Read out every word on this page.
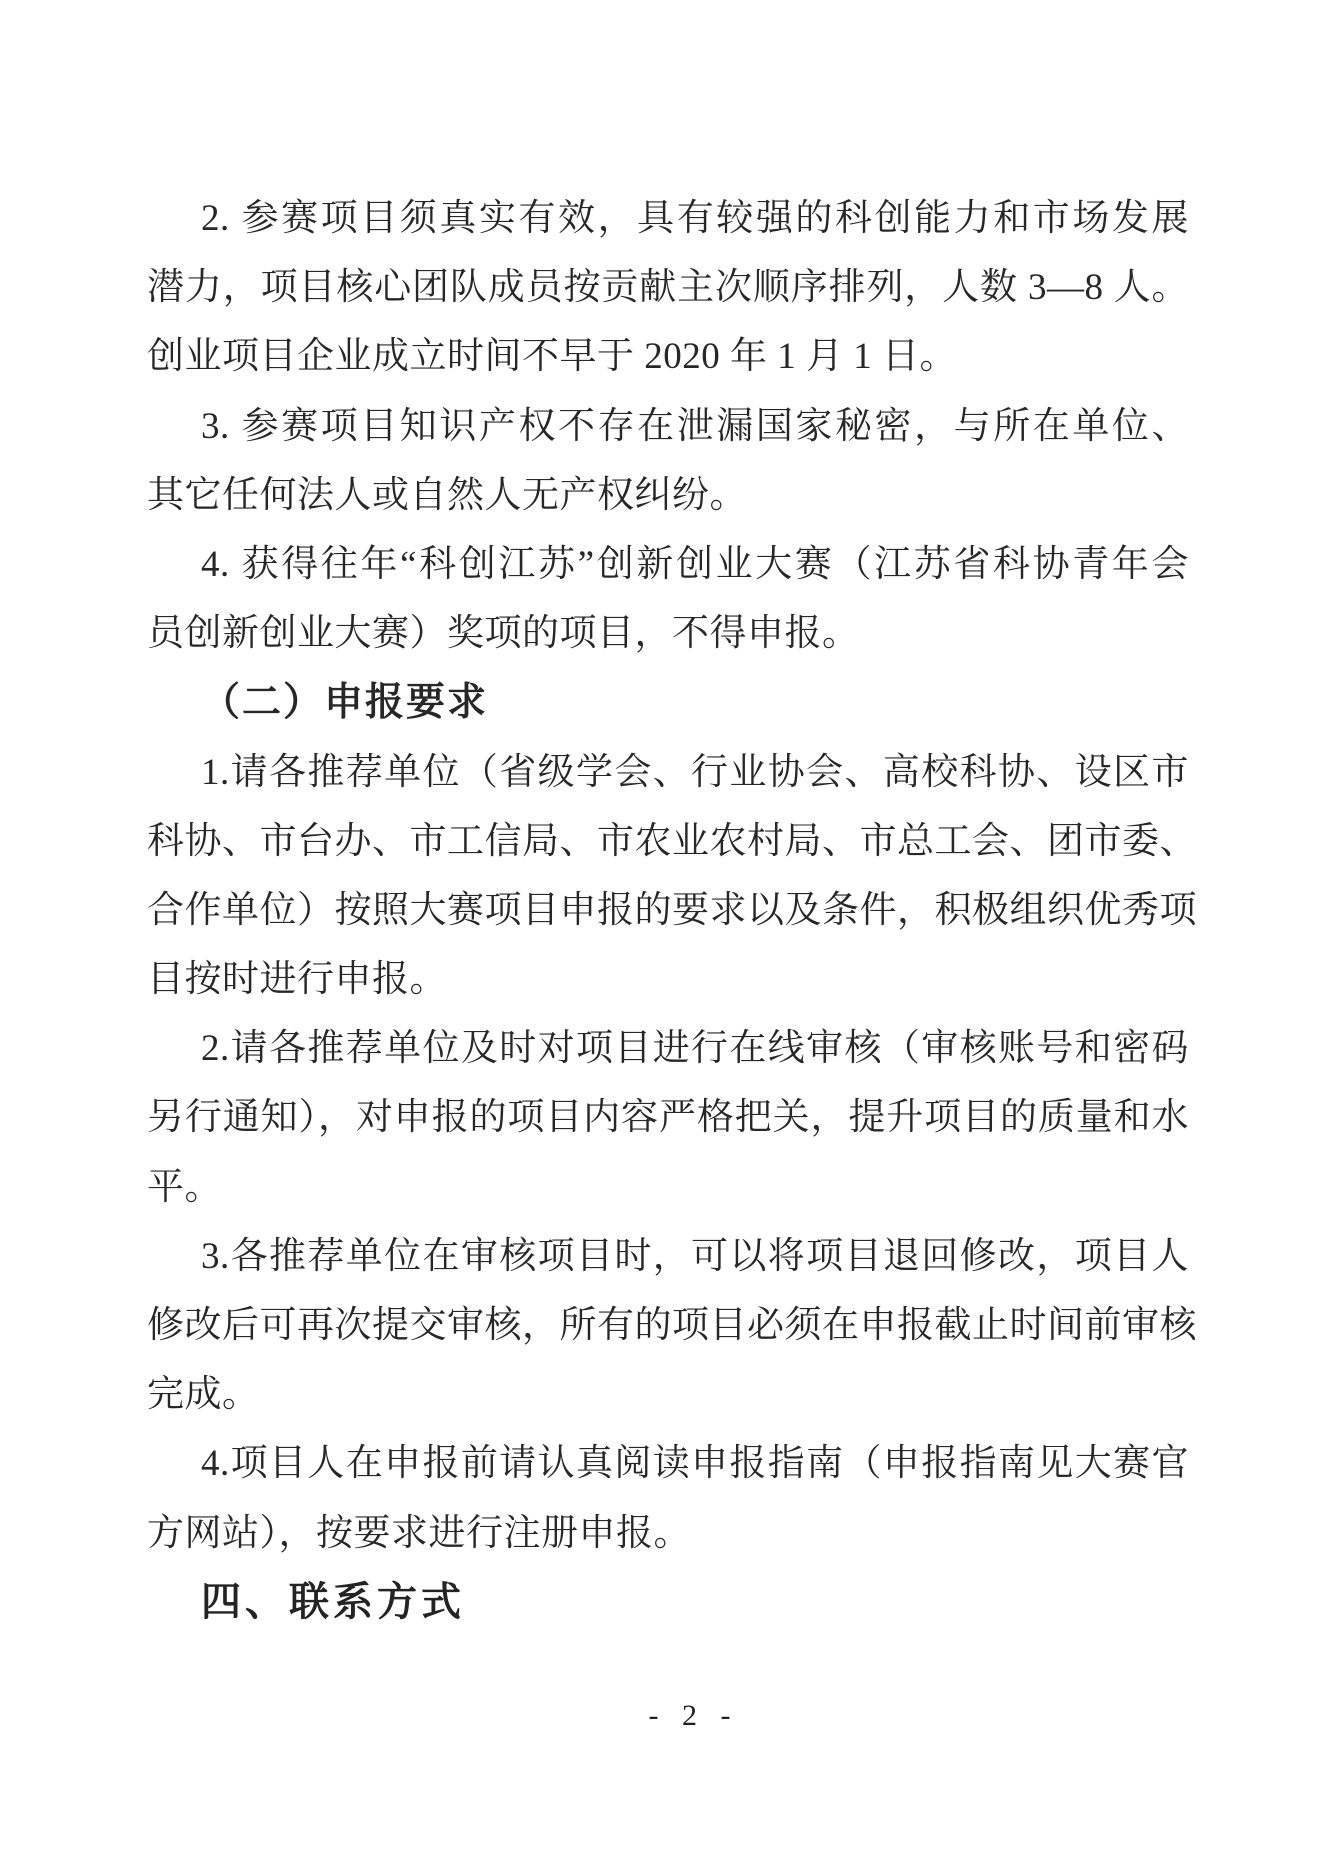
2. 参赛项目须真实有效，具有较强的科创能力和市场发展
潜力，项目核心团队成员按贡献主次顺序排列，人数 3—8 人。
创业项目企业成立时间不早于 2020 年 1 月 1 日。
3. 参赛项目知识产权不存在泄漏国家秘密，与所在单位、
其它任何法人或自然人无产权纠纷。
4. 获得往年“科创江苏”创新创业大赛（江苏省科协青年会
员创新创业大赛）奖项的项目，不得申报。
（二）申报要求
1.请各推荐单位（省级学会、行业协会、高校科协、设区市
科协、市台办、市工信局、市农业农村局、市总工会、团市委、
合作单位）按照大赛项目申报的要求以及条件，积极组织优秀项
目按时进行申报。
2.请各推荐单位及时对项目进行在线审核（审核账号和密码
另行通知），对申报的项目内容严格把关，提升项目的质量和水
平。
3.各推荐单位在审核项目时，可以将项目退回修改，项目人
修改后可再次提交审核，所有的项目必须在申报截止时间前审核
完成。
4.项目人在申报前请认真阅读申报指南（申报指南见大赛官
方网站），按要求进行注册申报。
四、联系方式
- 2 -
